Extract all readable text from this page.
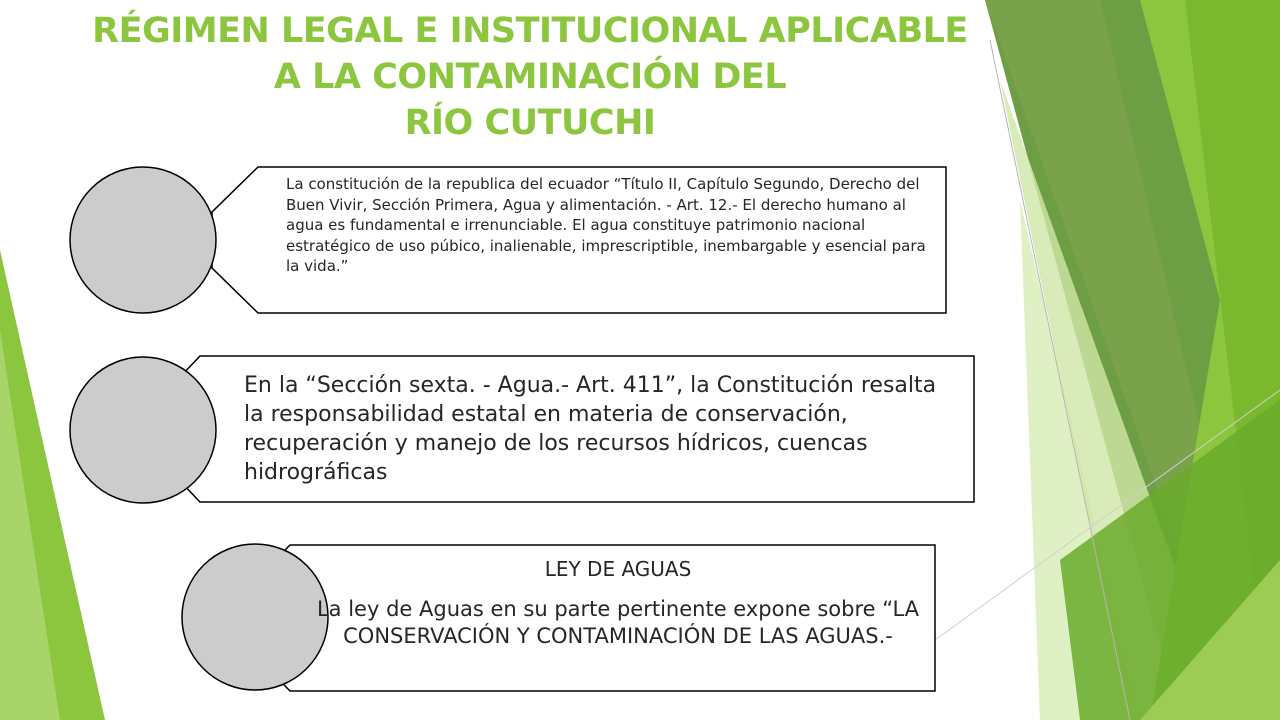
RÉGIMEN LEGAL E INSTITUCIONAL APLICABLE
A LA CONTAMINACIÓN DEL
RÍO CUTUCHI
La constitución de la republica del ecuador “Título II, Capítulo Segundo, Derecho del Buen Vivir, Sección Primera, Agua y alimentación. - Art. 12.- El derecho humano al agua es fundamental e irrenunciable. El agua constituye patrimonio nacional estratégico de uso púbico, inalienable, imprescriptible, inembargable y esencial para la vida.”
En la “Sección sexta. - Agua.- Art. 411”, la Constitución resalta la responsabilidad estatal en materia de conservación, recuperación y manejo de los recursos hídricos, cuencas hidrográficas
LEY DE AGUAS
La ley de Aguas en su parte pertinente expone sobre “LA CONSERVACIÓN Y CONTAMINACIÓN DE LAS AGUAS.-
